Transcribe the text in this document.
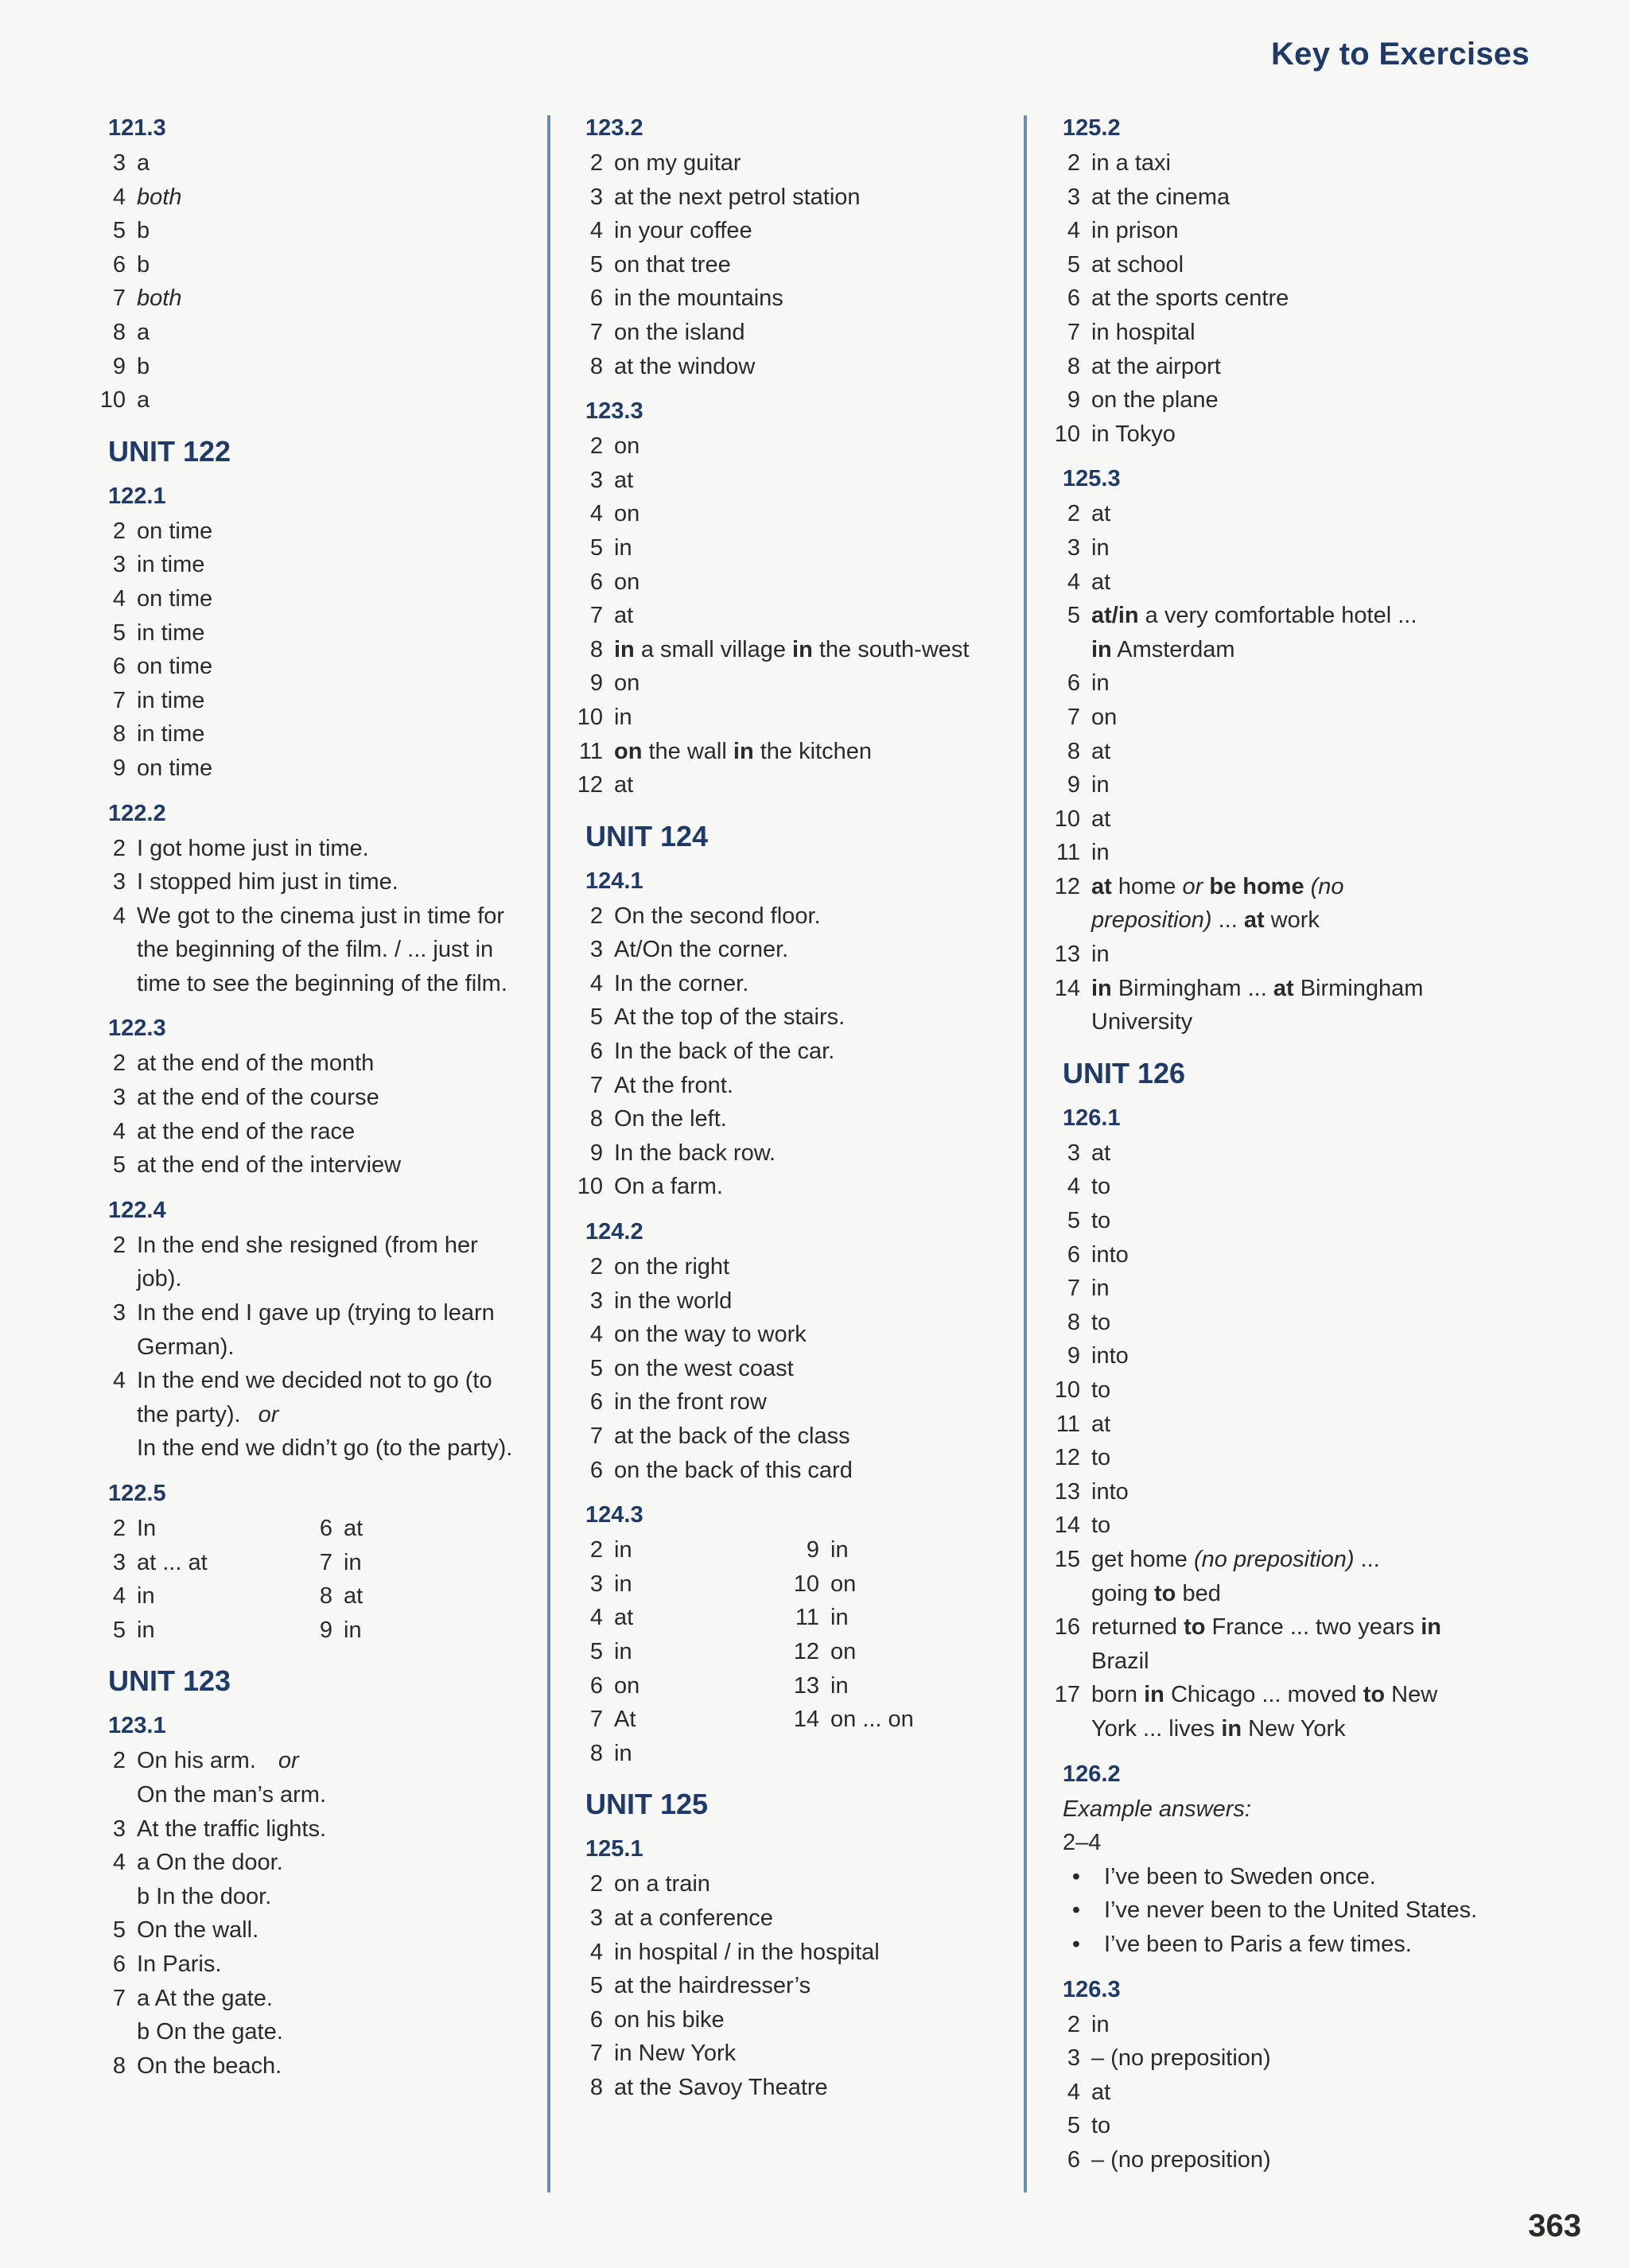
Key to Exercises
121.3
3 a
4 both
5 b
6 b
7 both
8 a
9 b
10 a
UNIT 122
122.1
2 on time
3 in time
4 on time
5 in time
6 on time
7 in time
8 in time
9 on time
122.2
2 I got home just in time.
3 I stopped him just in time.
4 We got to the cinema just in time for
the beginning of the film. / ... just in
time to see the beginning of the film.
122.3
2 at the end of the month
3 at the end of the course
4 at the end of the race
5 at the end of the interview
122.4
2 In the end she resigned (from her
job).
3 In the end I gave up (trying to learn
German).
4 In the end we decided not to go (to
the party). or
In the end we didn’t go (to the party).
122.5
2 In
3 at ... at
4 in
5 in
6 at
7 in
8 at
9 in
UNIT 123
123.1
2 On his arm. or
On the man’s arm.
3 At the traffic lights.
4 a On the door.
b In the door.
5 On the wall.
6 In Paris.
7 a At the gate.
b On the gate.
8 On the beach.
123.2
2 on my guitar
3 at the next petrol station
4 in your coffee
5 on that tree
6 in the mountains
7 on the island
8 at the window
123.3
2 on
3 at
4 on
5 in
6 on
7 at
8 in a small village in the south-west
9 on
10 in
11 on the wall in the kitchen
12 at
UNIT 124
124.1
2 On the second floor.
3 At/On the corner.
4 In the corner.
5 At the top of the stairs.
6 In the back of the car.
7 At the front.
8 On the left.
9 In the back row.
10 On a farm.
124.2
2 on the right
3 in the world
4 on the way to work
5 on the west coast
6 in the front row
7 at the back of the class
6 on the back of this card
124.3
2 in
3 in
4 at
5 in
6 on
7 At
8 in
9 in
10 on
11 in
12 on
13 in
14 on ... on
UNIT 125
125.1
2 on a train
3 at a conference
4 in hospital / in the hospital
5 at the hairdresser’s
6 on his bike
7 in New York
8 at the Savoy Theatre
125.2
2 in a taxi
3 at the cinema
4 in prison
5 at school
6 at the sports centre
7 in hospital
8 at the airport
9 on the plane
10 in Tokyo
125.3
2 at
3 in
4 at
5 at/in a very comfortable hotel ...
in Amsterdam
6 in
7 on
8 at
9 in
10 at
11 in
12 at home or be home (no
preposition) ... at work
13 in
14 in Birmingham ... at Birmingham
University
UNIT 126
126.1
3 at
4 to
5 to
6 into
7 in
8 to
9 into
10 to
11 at
12 to
13 into
14 to
15 get home (no preposition) ...
going to bed
16 returned to France ... two years in
Brazil
17 born in Chicago ... moved to New
York ... lives in New York
126.2
Example answers:
2–4
•	I’ve been to Sweden once.
•	I’ve never been to the United States.
•	I’ve been to Paris a few times.
126.3
2 in
3 – (no preposition)
4 at
5 to
6 – (no preposition)
363
